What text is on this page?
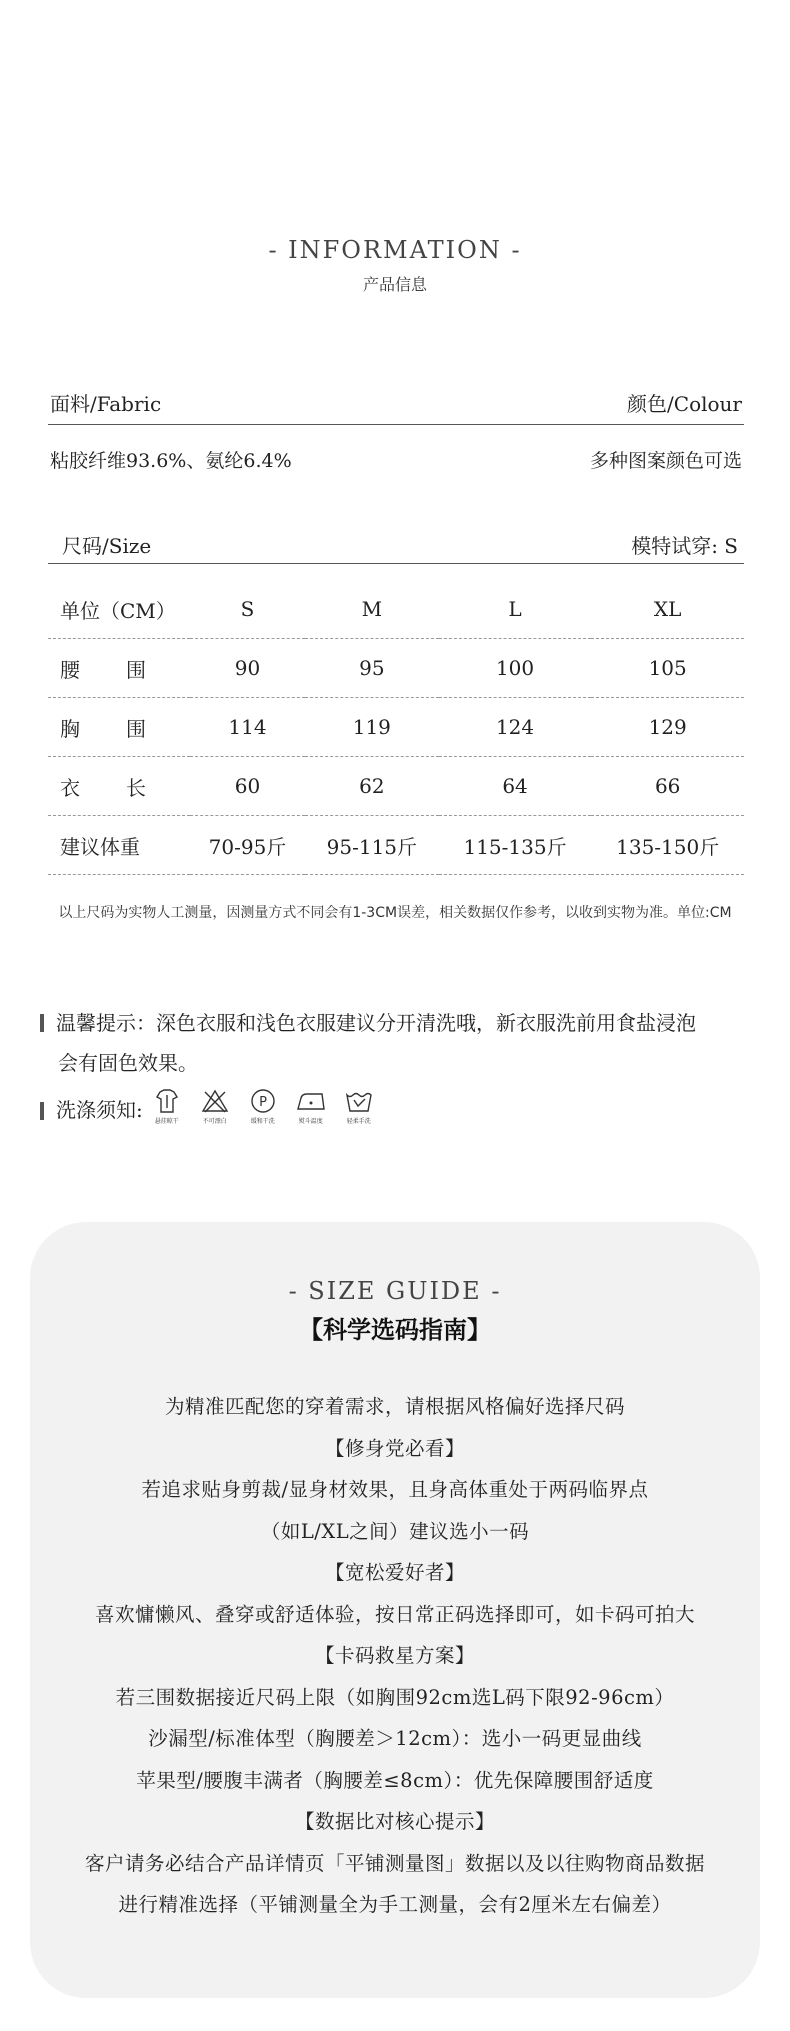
- INFORMATION -
产品信息
面料/Fabric	颜色/Colour
粘胶纤维93.6%、氨纶6.4%	多种图案颜色可选
尺码/Size	模特试穿: S
单位（CM）	S	M	L	XL
腰 围	90	95	100	105
胸 围	114	119	124	129
衣 长	60	62	64	66
建议体重	70-95斤	95-115斤	115-135斤	135-150斤
以上尺码为实物人工测量，因测量方式不同会有1-3CM误差，相关数据仅作参考，以收到实物为准。单位:CM
温馨提示：深色衣服和浅色衣服建议分开清洗哦，新衣服洗前用食盐浸泡
会有固色效果。
洗涤须知:	悬挂晾干	不可漂白
P
缓和干洗	熨斗温度	轻柔手洗
- SIZE GUIDE -
【科学选码指南】
为精准匹配您的穿着需求，请根据风格偏好选择尺码
【修身党必看】
若追求贴身剪裁/显身材效果，且身高体重处于两码临界点
（如L/XL之间）建议选小一码
【宽松爱好者】
喜欢慵懒风、叠穿或舒适体验，按日常正码选择即可，如卡码可拍大
【卡码救星方案】
若三围数据接近尺码上限（如胸围92cm选L码下限92-96cm）
沙漏型/标准体型（胸腰差＞12cm）：选小一码更显曲线
苹果型/腰腹丰满者（胸腰差≤8cm）：优先保障腰围舒适度
【数据比对核心提示】
客户请务必结合产品详情页「平铺测量图」数据以及以往购物商品数据
进行精准选择（平铺测量全为手工测量，会有2厘米左右偏差）
